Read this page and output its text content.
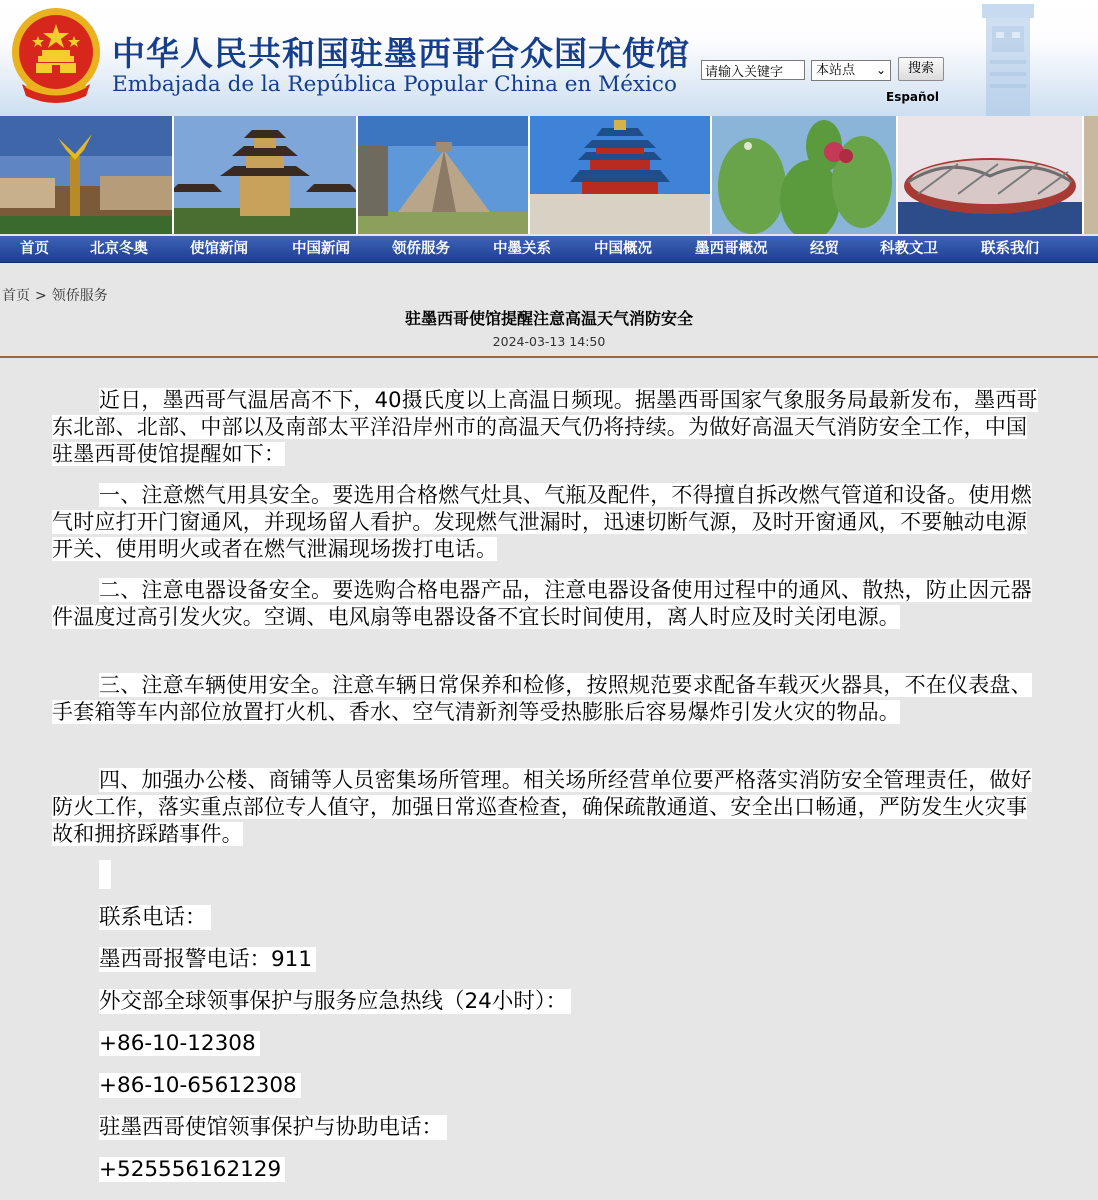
中华人民共和国驻墨西哥合众国大使馆
Embajada de la República Popular China en México
请输入关键字
本站点 ⌄	搜索
Español
首页	北京冬奥	使馆新闻	中国新闻	领侨服务	中墨关系	中国概况	墨西哥概况	经贸	科教文卫	联系我们
首页 > 领侨服务
驻墨西哥使馆提醒注意高温天气消防安全
2024-03-13 14:50

近日，墨西哥气温居高不下，40摄氏度以上高温日频现。据墨西哥国家气象服务局最新发布，墨西哥东北部、北部、中部以及南部太平洋沿岸州市的高温天气仍将持续。为做好高温天气消防安全工作，中国驻墨西哥使馆提醒如下：

一、注意燃气用具安全。要选用合格燃气灶具、气瓶及配件，不得擅自拆改燃气管道和设备。使用燃气时应打开门窗通风，并现场留人看护。发现燃气泄漏时，迅速切断气源，及时开窗通风，不要触动电源开关、使用明火或者在燃气泄漏现场拨打电话。

二、注意电器设备安全。要选购合格电器产品，注意电器设备使用过程中的通风、散热，防止因元器件温度过高引发火灾。空调、电风扇等电器设备不宜长时间使用，离人时应及时关闭电源。

三、注意车辆使用安全。注意车辆日常保养和检修，按照规范要求配备车载灭火器具，不在仪表盘、手套箱等车内部位放置打火机、香水、空气清新剂等受热膨胀后容易爆炸引发火灾的物品。

四、加强办公楼、商铺等人员密集场所管理。相关场所经营单位要严格落实消防安全管理责任，做好防火工作，落实重点部位专人值守，加强日常巡查检查，确保疏散通道、安全出口畅通，严防发生火灾事故和拥挤踩踏事件。

联系电话：
墨西哥报警电话：911
外交部全球领事保护与服务应急热线（24小时）：
+86-10-12308
+86-10-65612308
驻墨西哥使馆领事保护与协助电话：
+525556162129
